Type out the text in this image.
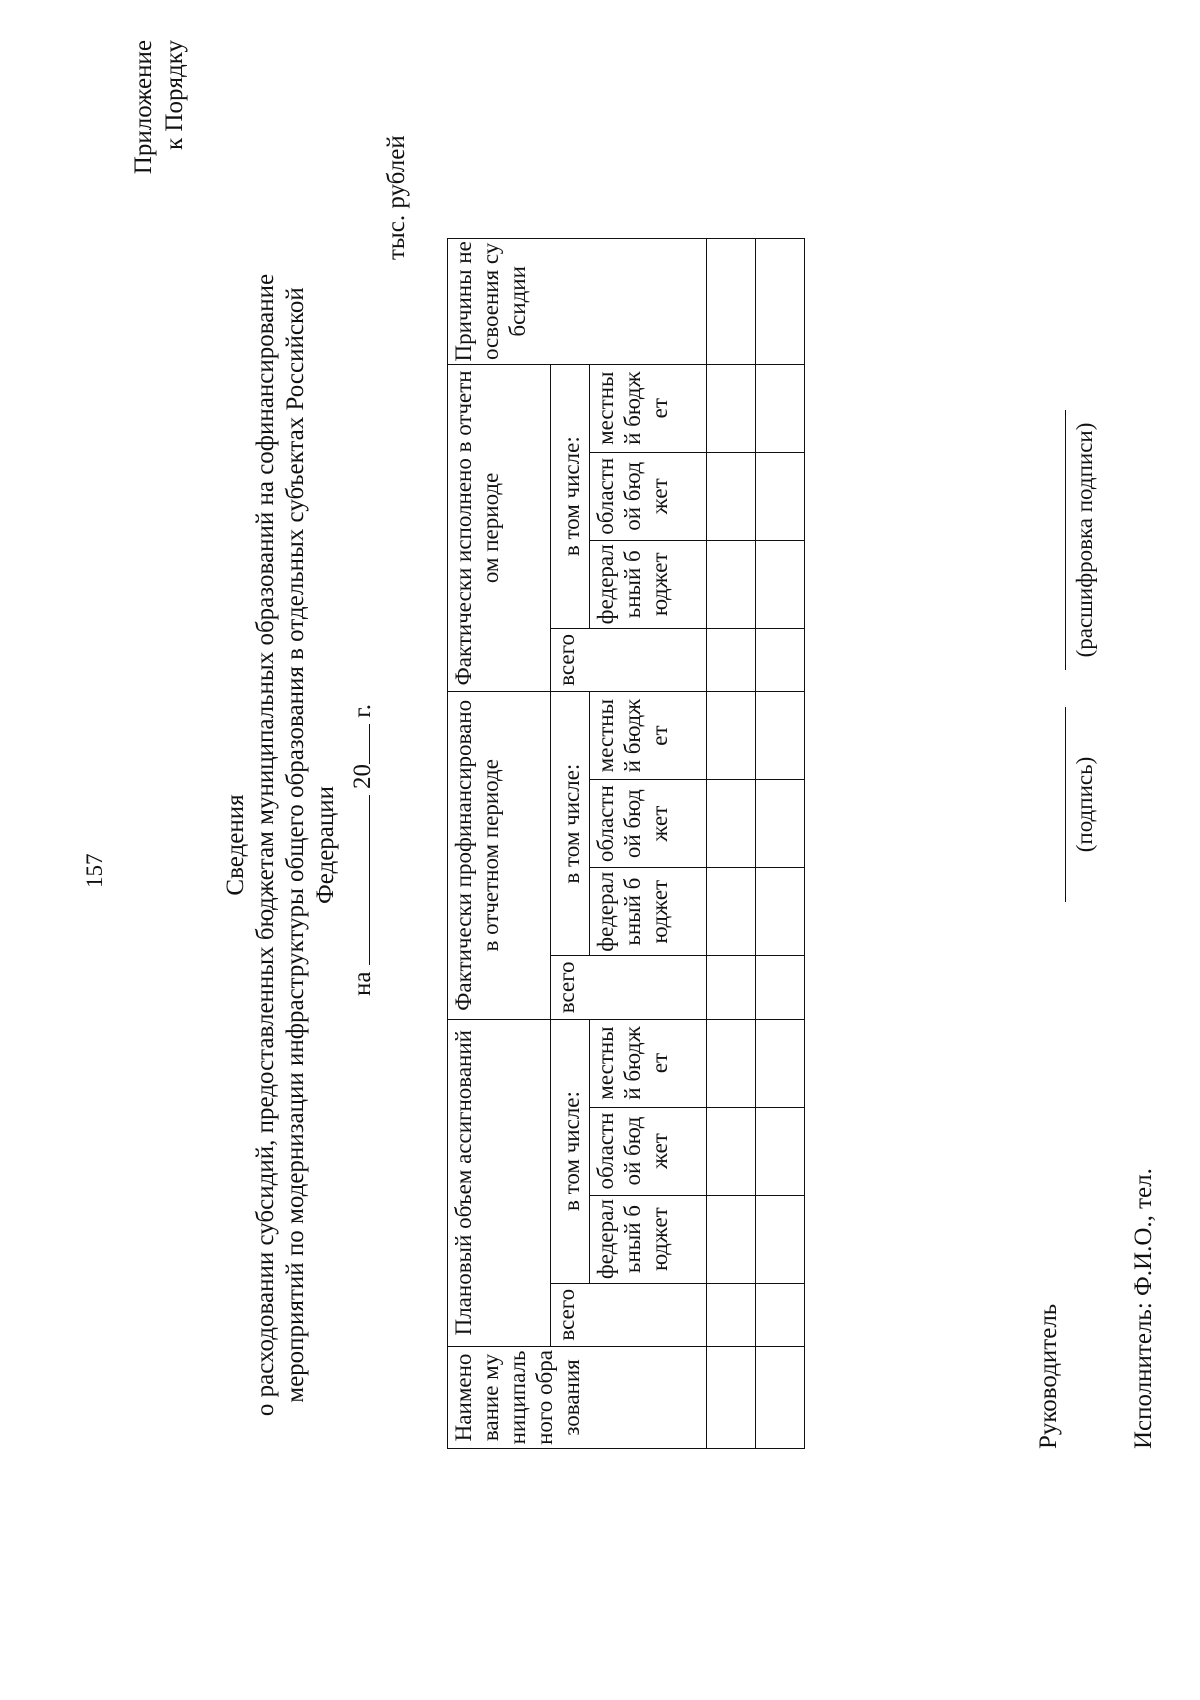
157
Приложение к Порядку
Сведения о расходовании субсидий, предоставленных бюджетам муниципальных образований на софинансирование мероприятий по модернизации инфраструктуры общего образования в отдельных субъектах Российской Федерации
на  20 г.
тыс. рублей
Наименование муниципального образования	Плановый объем ассигнований				Фактически профинансировано в отчетном периоде				Фактически исполнено в отчетном периоде				Причины неосвоения субсидии
	всего	в том числе:			всего	в том числе:			всего	в том числе:			
		федеральный бюджет	областной бюджет	местный бюджет		федеральный бюджет	областной бюджет	местный бюджет		федеральный бюджет	областной бюджет	местный бюджет	

Руководитель
(подпись)
(расшифровка подписи)
Исполнитель: Ф.И.О., тел.
